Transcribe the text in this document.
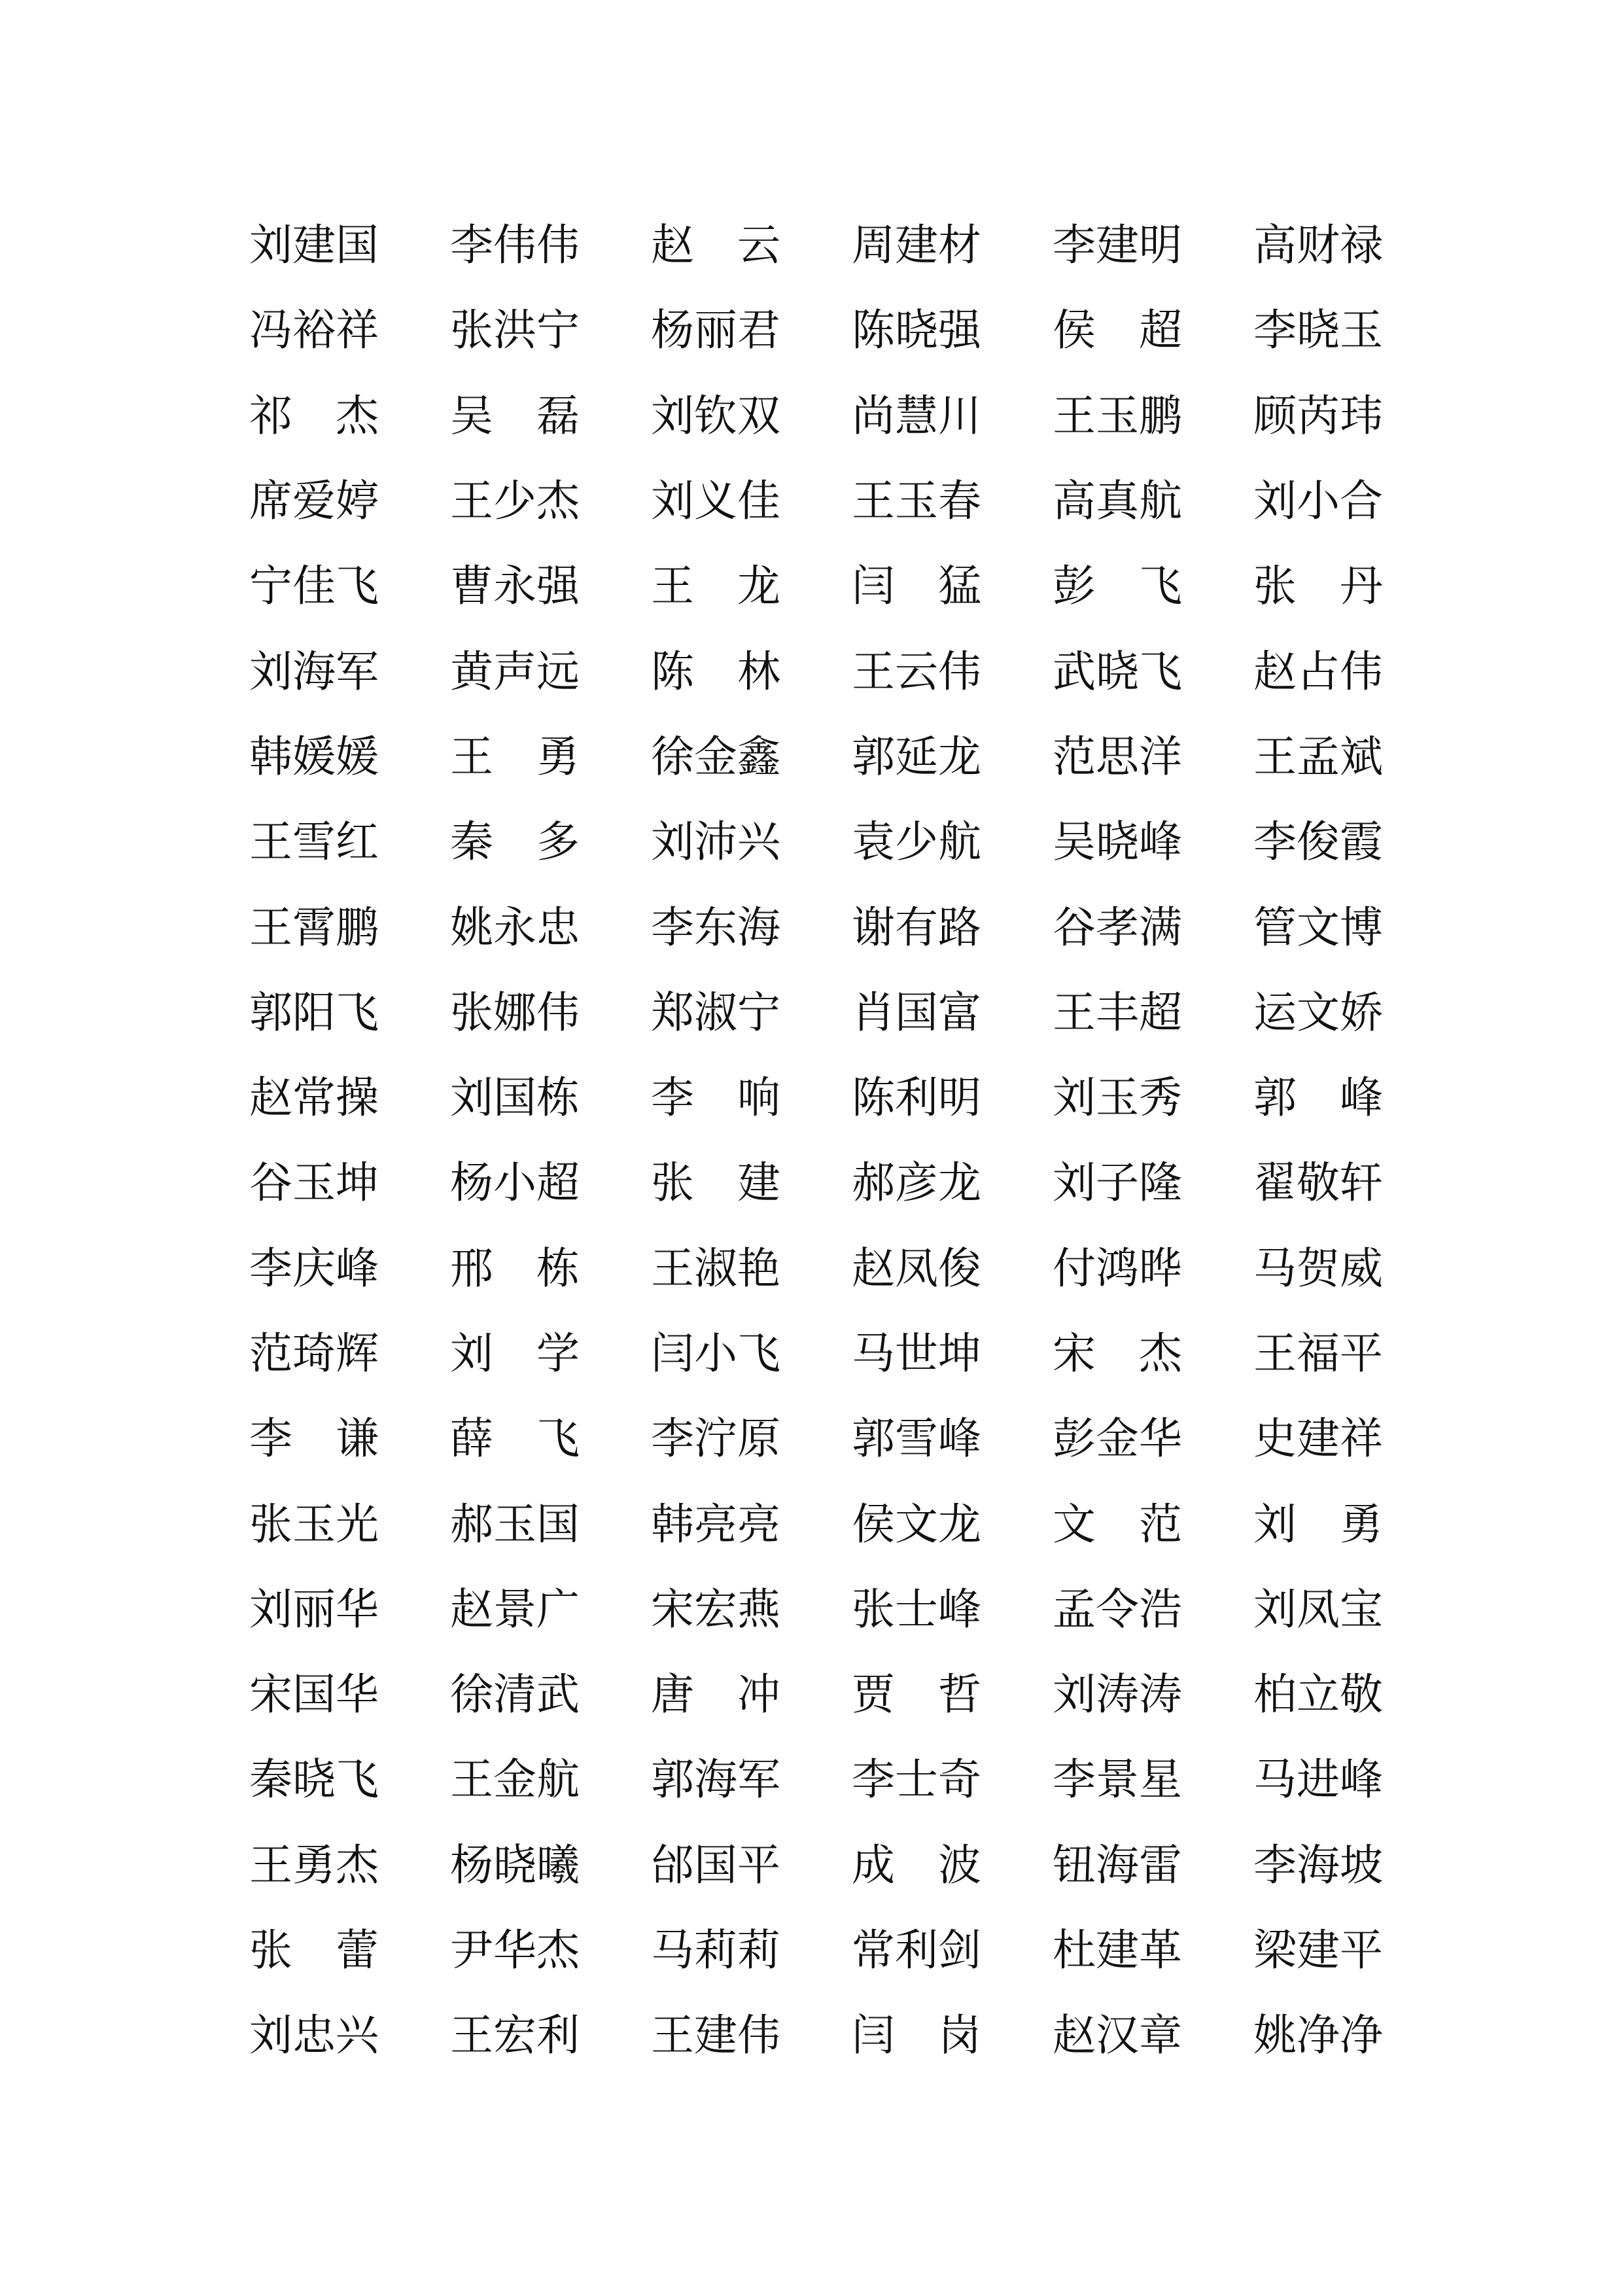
刘 建 国 李 伟 伟 赵
云 周 建 材 李 建 明 高 财 禄
冯 裕 祥 张 洪 宁 杨 丽 君 陈 晓 强 侯
超 李 晓 玉
祁
杰 吴
磊 刘 钦 双 尚 慧 川 王 玉 鹏 顾 芮 玮
席 爱 婷 王 少 杰 刘 义 佳 王 玉 春 高 真 航 刘 小 合
宁 佳 飞 曹 永 强 王
龙 闫
猛 彭
飞 张
丹
刘 海 军 黄 声 远 陈
林 王 云 伟 武 晓 飞 赵 占 伟
韩 媛 媛 王
勇 徐 金 鑫 郭 延 龙 范 思 洋 王 孟 斌
王 雪 红 秦
多 刘 沛 兴 袁 少 航 吴 晓 峰 李 俊 霞
王 霄 鹏 姚 永 忠 李 东 海 谢 有 路 谷 孝 满 管 文 博
郭 阳 飞 张 娜 伟 郑 淑 宁 肖 国 富 王 丰 超 运 文 娇
赵 常 操 刘 国 栋 李
响 陈 利 明 刘 玉 秀 郭
峰
谷 玉 坤 杨 小 超 张
建 郝 彦 龙 刘 子 隆 翟 敬 轩
李 庆 峰 邢
栋 王 淑 艳 赵 凤 俊 付 鸿 晔 马 贺 威
范 琦 辉 刘
学 闫 小 飞 马 世 坤 宋
杰 王 福 平
李
谦 薛
飞 李 泞 原 郭 雪 峰 彭 金 华 史 建 祥
张 玉 光 郝 玉 国 韩 亮 亮 侯 文 龙 文
范 刘
勇
刘 丽 华 赵 景 广 宋 宏 燕 张 士 峰 孟 令 浩 刘 凤 宝
宋 国 华 徐 清 武 唐
冲 贾
哲 刘 涛 涛 柏 立 敬
秦 晓 飞 王 金 航 郭 海 军 李 士 奇 李 景 星 马 进 峰
王 勇 杰 杨 晓 曦 邰 国 平 成
波 钮 海 雷 李 海 坡
张
蕾 尹 华 杰 马 莉 莉 常 利 剑 杜 建 革 梁 建 平
刘 忠 兴 王 宏 利 王 建 伟 闫
岗 赵 汉 章 姚 净 净
